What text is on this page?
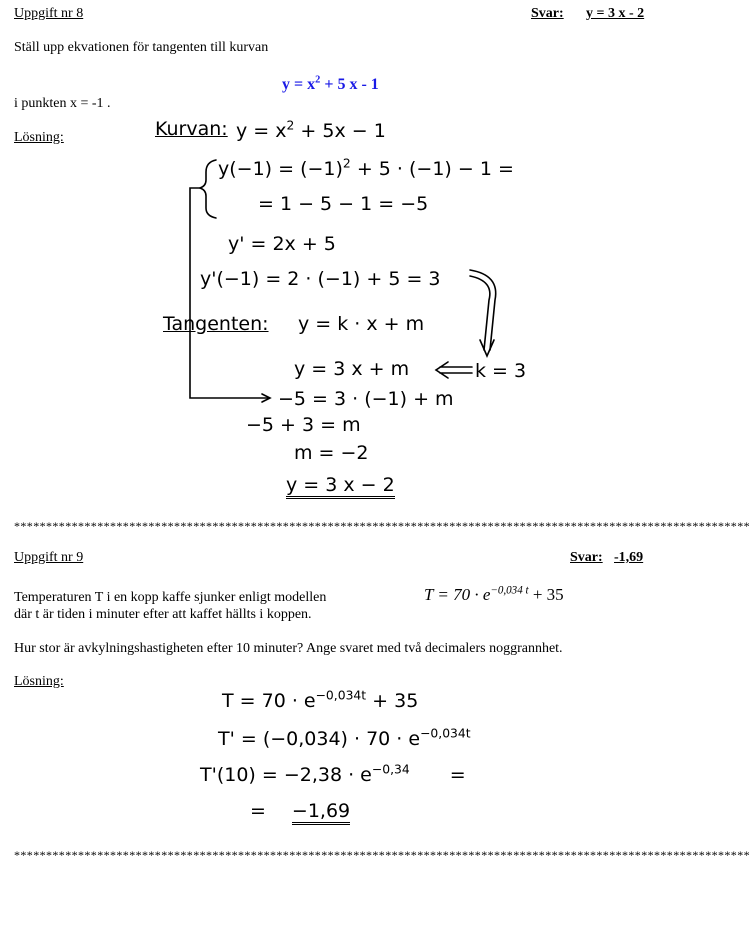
Uppgift nr 8	Svar: y = 3 x - 2
Ställ upp ekvationen för tangenten till kurvan
$y = x^2 + 5$ x - 1
i punkten x = -1 .
Lösning:	Kurvan: $y = x^2 + 5x - 1$
$y(-1) = (-1)^2 + 5 \cdot (-1) - 1$ =
= 1 − 5 − 1 = −5
y' = 2x + 5
y'(−1) = 2 · (−1) + 5 = 3
Tangenten: y = k · x + m
y = 3 x + m	k = 3
−5 = 3 · (−1) + m
−5 + 3 = m
m = −2
y = 3 x − 2
*******************************************************************************************************************
Uppgift nr 9	Svar: -1,69
Temperaturen T i en kopp kaffe sjunker enligt modellen
där t är tiden i minuter efter att kaffet hällts i koppen.
$T = 70 \cdot e^{-0,034 t} + 35$
Hur stor är avkylningshastigheten efter 10 minuter? Ange svaret med två decimalers noggrannhet.
Lösning:
$T = 70 \cdot e^{-0,034t} + 35$
$T' = (-0,034) \cdot 70 \cdot e^{-0,034t}$
$T'(10) = -2,38 \cdot e^{-0,34}$ =
= −1,69
*******************************************************************************************************************
